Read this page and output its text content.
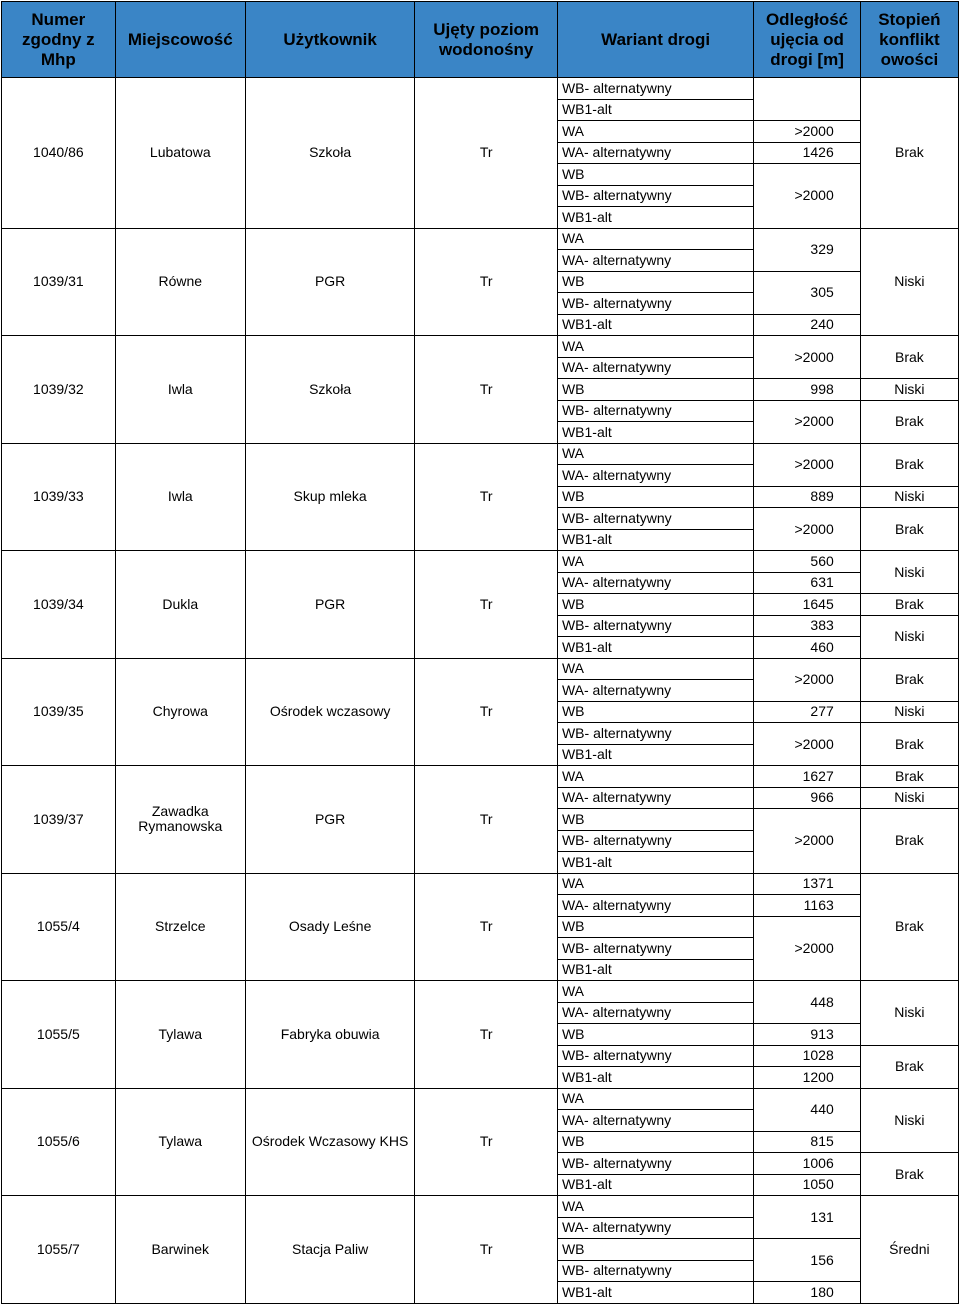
Numer zgodny z Mhp	Miejscowość	Użytkownik	Ujęty poziom wodonośny	Wariant drogi	Odległość ujęcia od drogi [m]	Stopień konflikt owości
1040/86	Lubatowa	Szkoła	Tr	WB- alternatywny		Brak
				WB1-alt		
				WA	>2000	
				WA- alternatywny	1426	
				WB	>2000	
				WB- alternatywny		
				WB1-alt		
1039/31	Równe	PGR	Tr	WA	329	Niski
				WA- alternatywny		
				WB	305	
				WB- alternatywny		
				WB1-alt	240	
1039/32	Iwla	Szkoła	Tr	WA	>2000	Brak
				WA- alternatywny		
				WB	998	Niski
				WB- alternatywny	>2000	Brak
				WB1-alt		
1039/33	Iwla	Skup mleka	Tr	WA	>2000	Brak
				WA- alternatywny		
				WB	889	Niski
				WB- alternatywny	>2000	Brak
				WB1-alt		
1039/34	Dukla	PGR	Tr	WA	560	Niski
				WA- alternatywny	631	
				WB	1645	Brak
				WB- alternatywny	383	Niski
				WB1-alt	460	
1039/35	Chyrowa	Ośrodek wczasowy	Tr	WA	>2000	Brak
				WA- alternatywny		
				WB	277	Niski
				WB- alternatywny	>2000	Brak
				WB1-alt		
1039/37	Zawadka Rymanowska	PGR	Tr	WA	1627	Brak
				WA- alternatywny	966	Niski
				WB	>2000	Brak
				WB- alternatywny		
				WB1-alt		
1055/4	Strzelce	Osady Leśne	Tr	WA	1371	Brak
				WA- alternatywny	1163	
				WB	>2000	
				WB- alternatywny		
				WB1-alt		
1055/5	Tylawa	Fabryka obuwia	Tr	WA	448	Niski
				WA- alternatywny		
				WB	913	
				WB- alternatywny	1028	Brak
				WB1-alt	1200	
1055/6	Tylawa	Ośrodek Wczasowy KHS	Tr	WA	440	Niski
				WA- alternatywny		
				WB	815	
				WB- alternatywny	1006	Brak
				WB1-alt	1050	
1055/7	Barwinek	Stacja Paliw	Tr	WA	131	Średni
				WA- alternatywny		
				WB	156	
				WB- alternatywny		
				WB1-alt	180	
